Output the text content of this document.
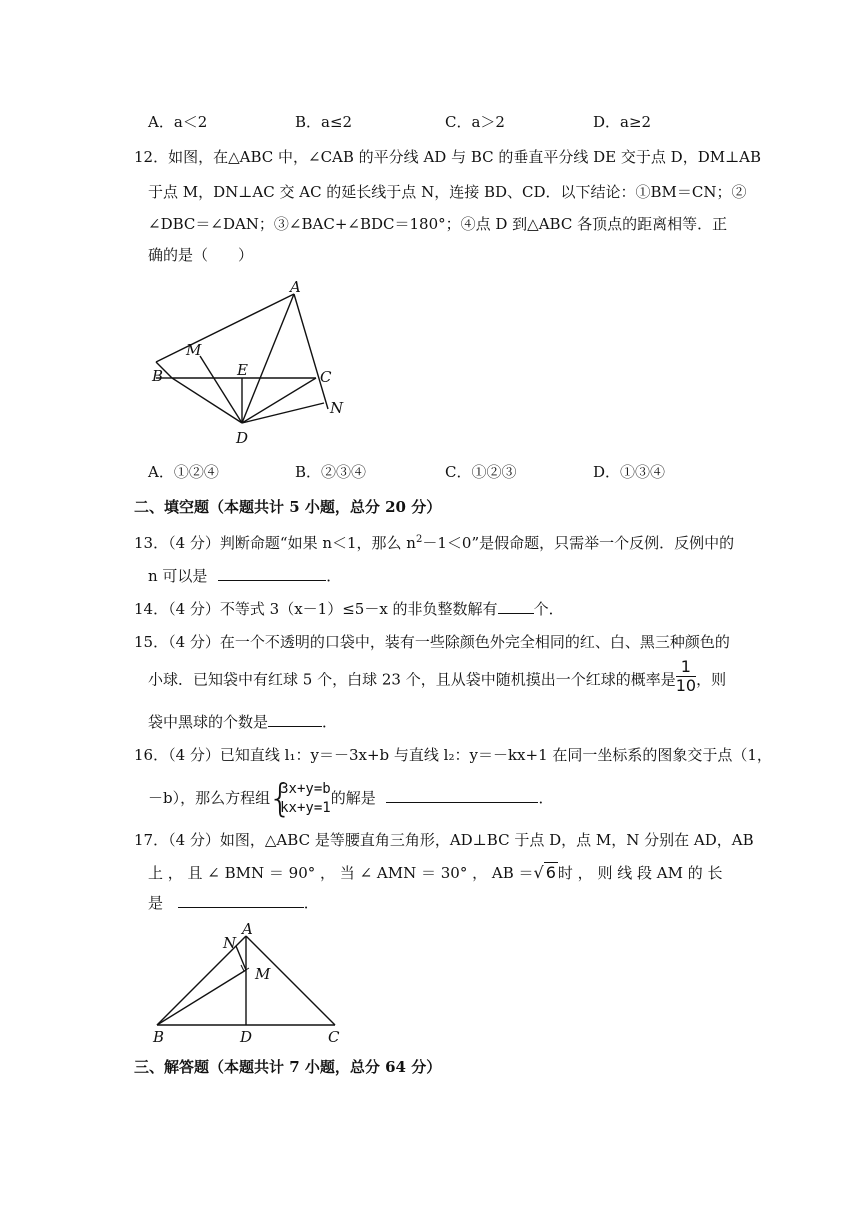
A．a＜2	B．a≤2	C．a＞2	D．a≥2
12．如图，在△ABC 中，∠CAB 的平分线 AD 与 BC 的垂直平分线 DE 交于点 D，DM⊥AB
于点 M，DN⊥AC 交 AC 的延长线于点 N，连接 BD、CD．以下结论：①BM＝CN；②
∠DBC＝∠DAN；③∠BAC+∠BDC＝180°；④点 D 到△ABC 各顶点的距离相等．正
确的是（　　）
A
M
B	E	C
N
D
A．①②④	B．②③④	C．①②③	D．①③④
二、填空题（本题共计 5 小题，总分 20 分）
13．（4 分）判断命题“如果 n＜1，那么 $n^2-1<0$”是假命题，只需举一个反例．反例中的
n 可以是	．
14．（4 分）不等式 3（x－1）≤5－x 的非负整数解有 个．
15．（4 分）在一个不透明的口袋中，装有一些除颜色外完全相同的红、白、黑三种颜色的
小球．已知袋中有红球 5 个，白球 23 个，且从袋中随机摸出一个红球的概率是 $\frac{1}{10}$ ，则
袋中黑球的个数是	．
16．（4 分）已知直线 l₁：y＝－3x+b 与直线 l₂：y＝－kx+1 在同一坐标系的图象交于点（1，
－b），那么方程组
{
3x+y=b
kx+y=1
的解是	．
17．（4 分）如图，△ABC 是等腰直角三角形，AD⊥BC 于点 D，点 M，N 分别在 AD，AB
上 ， 且 ∠ BMN ＝ 90° ， 当 ∠ AMN ＝ 30° ， AB ＝√ 6 时 ， 则 线 段 AM 的 长
是	．
A
N
M
B	D	C
三、解答题（本题共计 7 小题，总分 64 分）
